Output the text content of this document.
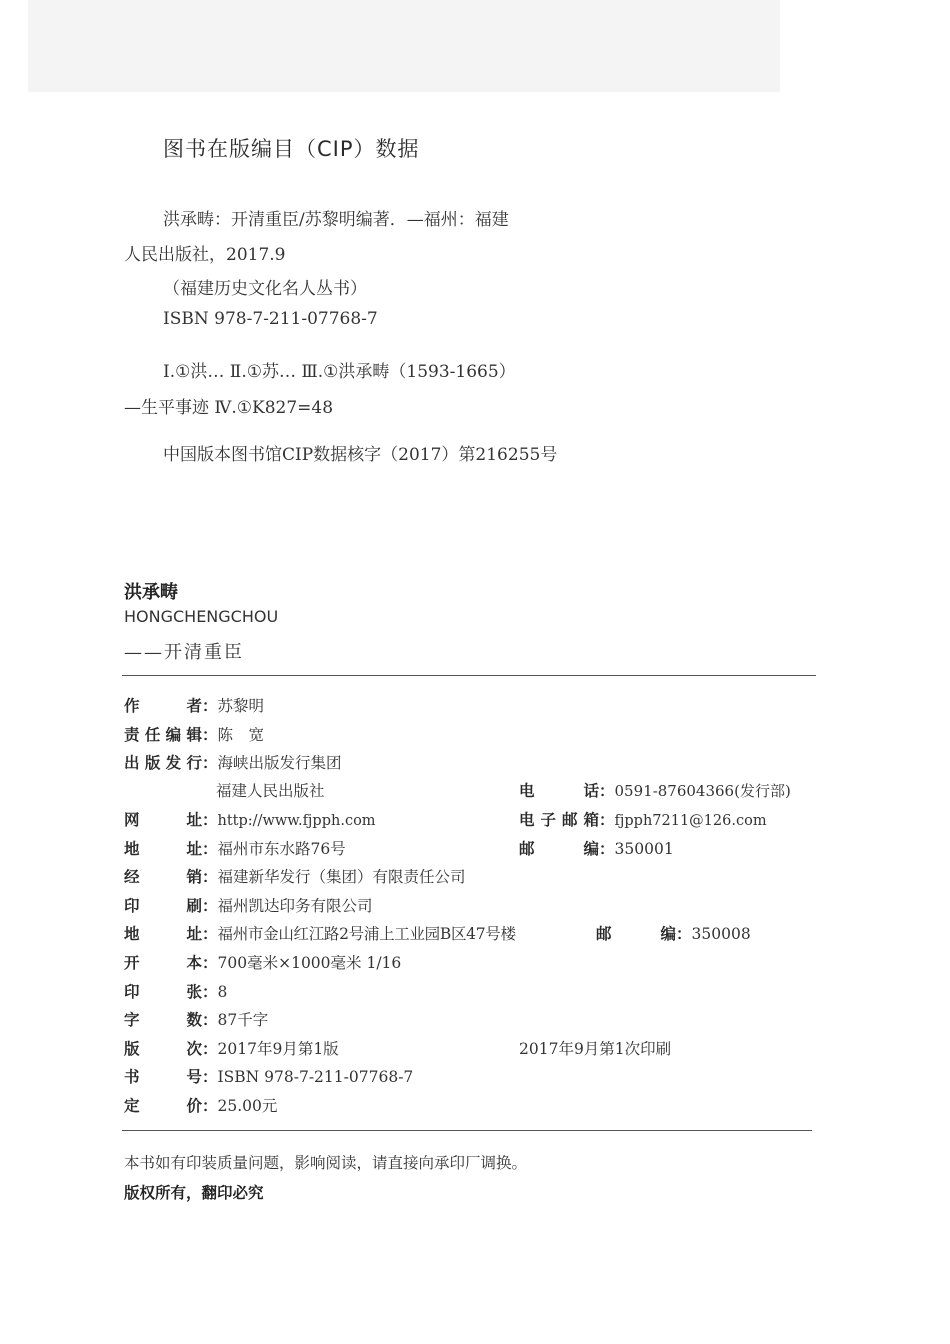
图书在版编目（CIP）数据
洪承畴：开清重臣/苏黎明编著．—福州：福建
人民出版社，2017.9
（福建历史文化名人丛书）
ISBN 978-7-211-07768-7
Ⅰ.①洪… Ⅱ.①苏… Ⅲ.①洪承畴（1593-1665）
—生平事迹 Ⅳ.①K827=48
中国版本图书馆CIP数据核字（2017）第216255号
洪承畴
HONGCHENGCHOU
——开清重臣
作　者：苏黎明
责任编辑：陈　宽
出版发行：海峡出版发行集团
福建人民出版社	电　话：0591-87604366(发行部)
网　址：http://www.fjpph.com	电子邮箱：fjpph7211@126.com
地　址：福州市东水路76号	邮　编：350001
经　销：福建新华发行（集团）有限责任公司
印　刷：福州凯达印务有限公司
地　址：福州市金山红江路2号浦上工业园B区47号楼	邮　编：350008
开　本：700毫米×1000毫米 1/16
印　张：8
字　数：87千字
版　次：2017年9月第1版	2017年9月第1次印刷
书　号：ISBN 978-7-211-07768-7
定　价：25.00元
本书如有印装质量问题，影响阅读，请直接向承印厂调换。
版权所有，翻印必究
